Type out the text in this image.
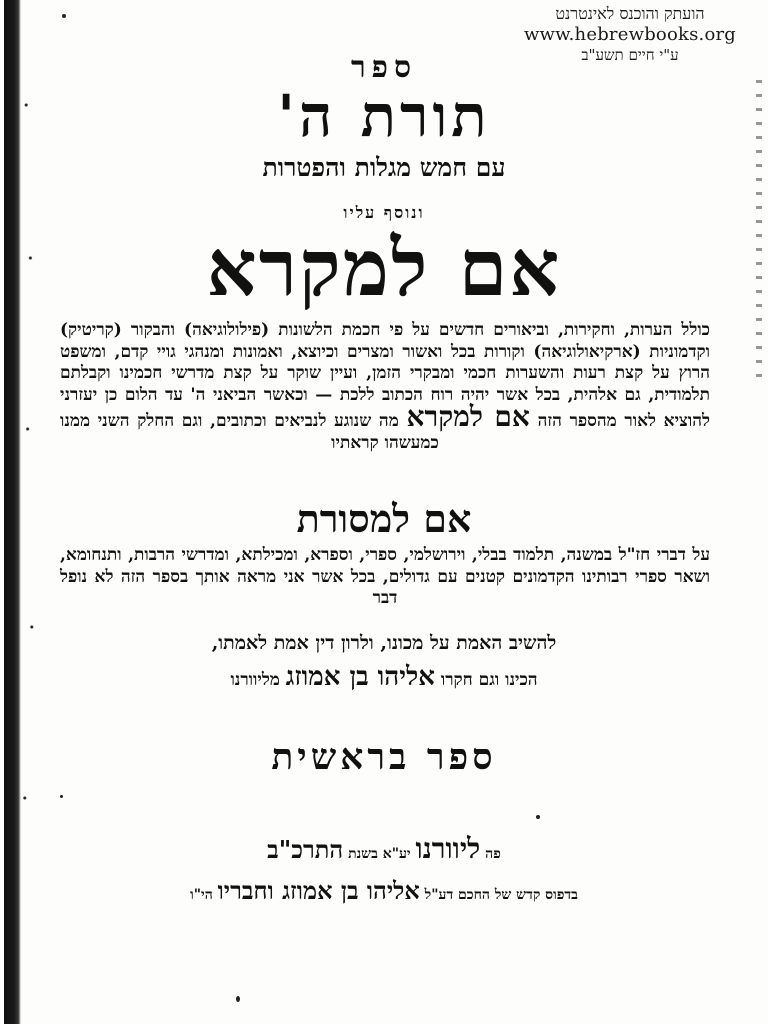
הועתק והוכנס לאינטרנט
www.hebrewbooks.org
ע"י חיים תשע"ב
ספר
תורת ה'
עם חמש מגלות והפטרות
ונוסף עליו
אם למקרא
כולל הערות, וחקירות, וביאורים חדשים על פי חכמת הלשונות (פילולוגיאה) והבקור (קריטיק) וקדמוניות (ארקיאולוגיאה) וקורות בכל ואשור ומצרים וכיוצא, ואמונות ומנהגי גויי קדם, ומשפט הרוץ על קצת רעות והשערות חכמי ומבקרי הזמן, ועיין שוקר על קצת מדרשי חכמינו וקבלתם תלמודית, גם אלהית, בכל אשר יהיה רוח הכתוב ללכת — וכאשר הביאני ה' עד הלום כן יעזרני להוציא לאור מהספר הזה אם למקרא מה שנוגע לנביאים וכתובים, וגם החלק השני ממנו כמעשהו קראתיו
אם למסורת
על דברי חז"ל במשנה, תלמוד בבלי, וירושלמי, ספרי, וספרא, ומכילתא, ומדרשי הרבות, ותנחומא, ושאר ספרי רבותינו הקדמונים קטנים עם גדולים, בכל אשר אני מראה אותך בספר הזה לא נופל דבר
להשיב האמת על מכונו, ולרון דין אמת לאמתו,
הכינו וגם חקרו אליהו בן אמוזג מליוורנו
ספר בראשית
פה ליוורנו יע"א בשנת התרכ"ב
בדפוס קדש של החכם דע"ל אליהו בן אמוזג וחבריו הי"ו
